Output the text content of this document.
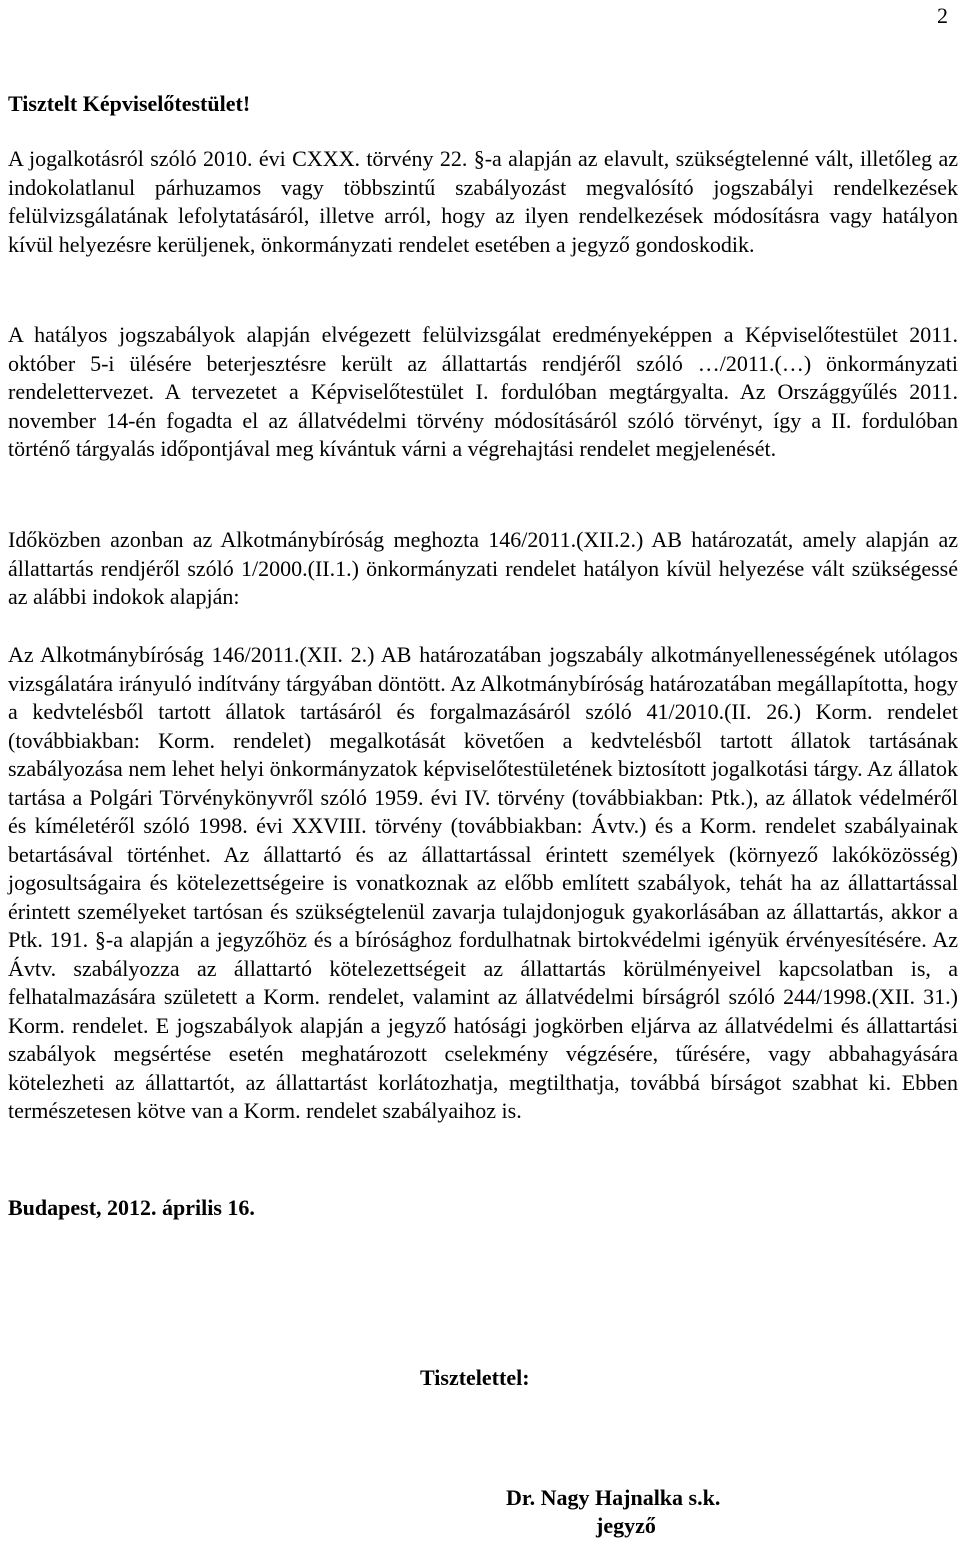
2

Tisztelt Képviselőtestület!

A jogalkotásról szóló 2010. évi CXXX. törvény 22. §-a alapján az elavult, szükségtelenné vált, illetőleg az indokolatlanul párhuzamos vagy többszintű szabályozást megvalósító jogszabályi rendelkezések felülvizsgálatának lefolytatásáról, illetve arról, hogy az ilyen rendelkezések módosításra vagy hatályon kívül helyezésre kerüljenek, önkormányzati rendelet esetében a jegyző gondoskodik.

A hatályos jogszabályok alapján elvégezett felülvizsgálat eredményeképpen a Képviselőtestület 2011. október 5-i ülésére beterjesztésre került az állattartás rendjéről szóló …/2011.(…) önkormányzati rendelettervezet. A tervezetet a Képviselőtestület I. fordulóban megtárgyalta. Az Országgyűlés 2011. november 14-én fogadta el az állatvédelmi törvény módosításáról szóló törvényt, így a II. fordulóban történő tárgyalás időpontjával meg kívántuk várni a végrehajtási rendelet megjelenését.

Időközben azonban az Alkotmánybíróság meghozta 146/2011.(XII.2.) AB határozatát, amely alapján az állattartás rendjéről szóló 1/2000.(II.1.) önkormányzati rendelet hatályon kívül helyezése vált szükségessé az alábbi indokok alapján:

Az Alkotmánybíróság 146/2011.(XII. 2.) AB határozatában jogszabály alkotmányellenességének utólagos vizsgálatára irányuló indítvány tárgyában döntött. Az Alkotmánybíróság határozatában megállapította, hogy a kedvtelésből tartott állatok tartásáról és forgalmazásáról szóló 41/2010.(II. 26.) Korm. rendelet (továbbiakban: Korm. rendelet) megalkotását követően a kedvtelésből tartott állatok tartásának szabályozása nem lehet helyi önkormányzatok képviselőtestületének biztosított jogalkotási tárgy. Az állatok tartása a Polgári Törvénykönyvről szóló 1959. évi IV. törvény (továbbiakban: Ptk.), az állatok védelméről és kíméletéről szóló 1998. évi XXVIII. törvény (továbbiakban: Ávtv.) és a Korm. rendelet szabályainak betartásával történhet. Az állattartó és az állattartással érintett személyek (környező lakóközösség) jogosultságaira és kötelezettségeire is vonatkoznak az előbb említett szabályok, tehát ha az állattartással érintett személyeket tartósan és szükségtelenül zavarja tulajdonjoguk gyakorlásában az állattartás, akkor a Ptk. 191. §-a alapján a jegyzőhöz és a bírósághoz fordulhatnak birtokvédelmi igényük érvényesítésére. Az Ávtv. szabályozza az állattartó kötelezettségeit az állattartás körülményeivel kapcsolatban is, a felhatalmazására született a Korm. rendelet, valamint az állatvédelmi bírságról szóló 244/1998.(XII. 31.) Korm. rendelet. E jogszabályok alapján a jegyző hatósági jogkörben eljárva az állatvédelmi és állattartási szabályok megsértése esetén meghatározott cselekmény végzésére, tűrésére, vagy abbahagyására kötelezheti az állattartót, az állattartást korlátozhatja, megtilthatja, továbbá bírságot szabhat ki. Ebben természetesen kötve van a Korm. rendelet szabályaihoz is.

Budapest, 2012. április 16.
Tisztelettel:
Dr. Nagy Hajnalka s.k.
jegyző
